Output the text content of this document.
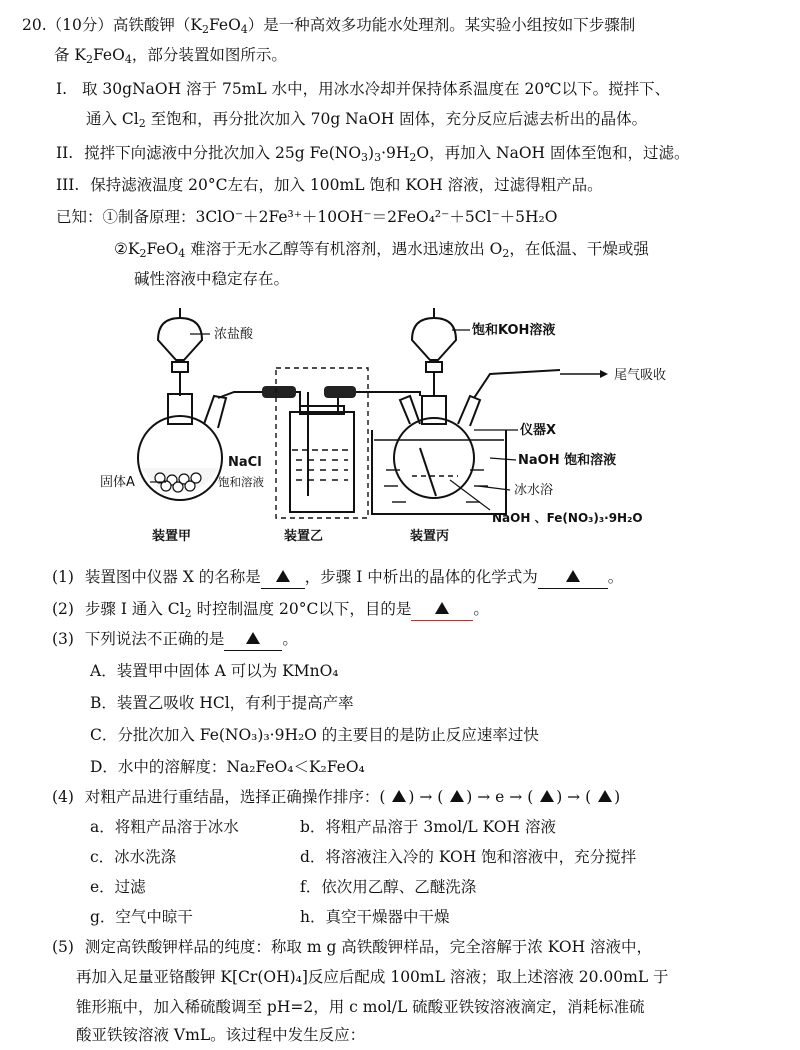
20.（10分）高铁酸钾$(K_2FeO_4)$是一种高效多功能水处理剂。某实验小组按如下步骤制
备 $K_2FeO_4$，部分装置如图所示。
I. 取 30gNaOH 溶于 75mL 水中，用冰水冷却并保持体系温度在 20℃以下。搅拌下、
通入 $Cl_2$ 至饱和，再分批次加入 70g NaOH 固体，充分反应后滤去析出的晶体。
II. 搅拌下向滤液中分批次加入 25g $Fe(NO_3)_3\cdot 9H_2O$，再加入 NaOH 固体至饱和，过滤。
III. 保持滤液温度 20°C左右，加入 100mL 饱和 KOH 溶液，过滤得粗产品。
已知：①制备原理：3ClO⁻＋2Fe³⁺＋10OH⁻＝2FeO₄²⁻＋5Cl⁻＋5H₂O
$②K_2FeO_4$ 难溶于无水乙醇等有机溶剂，遇水迅速放出 $O_2$，在低温、干燥或强
碱性溶液中稳定存在。
浓盐酸
固体A
NaCl
饱和溶液
饱和KOH溶液
尾气吸收
仪器X
NaOH 饱和溶液
冰水浴
NaOH 、Fe(NO₃)₃·9H₂O
装置甲	装置乙	装置丙
(1) 装置图中仪器 X 的名称是	，步骤 I 中析出的晶体的化学式为	。
(2) 步骤 I 通入 $Cl_2$ 时控制温度 20°C以下，目的是	。
(3) 下列说法不正确的是	。
A．装置甲中固体 A 可以为 KMnO₄
B．装置乙吸收 HCl，有利于提高产率
C．分批次加入 Fe(NO₃)₃·9H₂O 的主要目的是防止反应速率过快
D．水中的溶解度：Na₂FeO₄＜K₂FeO₄
(4) 对粗产品进行重结晶，选择正确操作排序：( ) → ( ) → e → ( ) → ( )
a．将粗产品溶于冰水	b．将粗产品溶于 3mol/L KOH 溶液
c．冰水洗涤	d．将溶液注入冷的 KOH 饱和溶液中，充分搅拌
e．过滤	f．依次用乙醇、乙醚洗涤
g．空气中晾干	h．真空干燥器中干燥
(5) 测定高铁酸钾样品的纯度：称取 m g 高铁酸钾样品，完全溶解于浓 KOH 溶液中，
再加入足量亚铬酸钾 K[Cr(OH)₄]反应后配成 100mL 溶液；取上述溶液 20.00mL 于
锥形瓶中，加入稀硫酸调至 pH=2，用 c mol/L 硫酸亚铁铵溶液滴定，消耗标准硫
酸亚铁铵溶液 VmL。该过程中发生反应：
